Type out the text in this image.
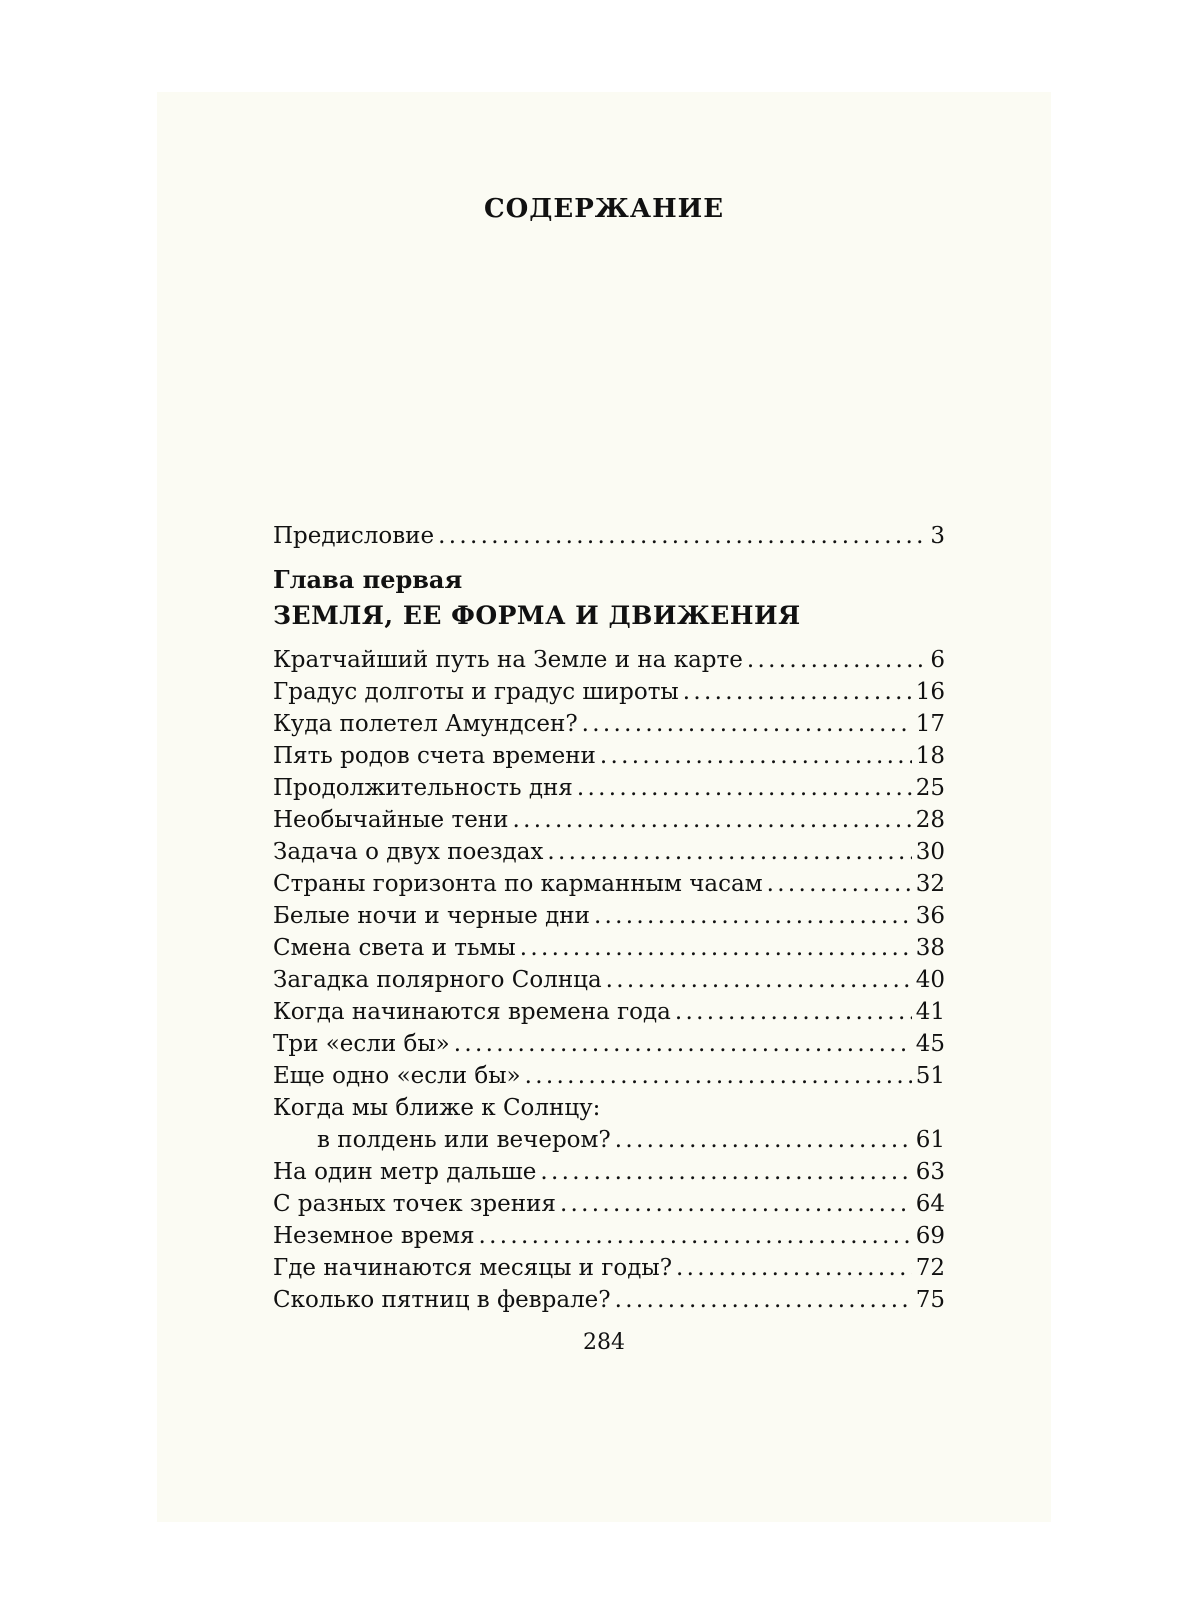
СОДЕРЖАНИЕ
Предисловие . . .	3
Глава первая
ЗЕМЛЯ, ЕЕ ФОРМА И ДВИЖЕНИЯ
Кратчайший путь на Земле и на карте . . .	6
Градус долготы и градус широты . . .	16
Куда полетел Амундсен? . . .	17
Пять родов счета времени . . .	18
Продолжительность дня . . .	25
Необычайные тени . . .	28
Задача о двух поездах . . .	30
Страны горизонта по карманным часам . . .	32
Белые ночи и черные дни . . .	36
Смена света и тьмы . . .	38
Загадка полярного Солнца . . .	40
Когда начинаются времена года . . .	41
Три «если бы» . . .	45
Еще одно «если бы» . . .	51
Когда мы ближе к Солнцу:
в полдень или вечером? . . .	61
На один метр дальше . . .	63
С разных точек зрения . . .	64
Неземное время . . .	69
Где начинаются месяцы и годы? . . .	72
Сколько пятниц в феврале? . . .	75
284
